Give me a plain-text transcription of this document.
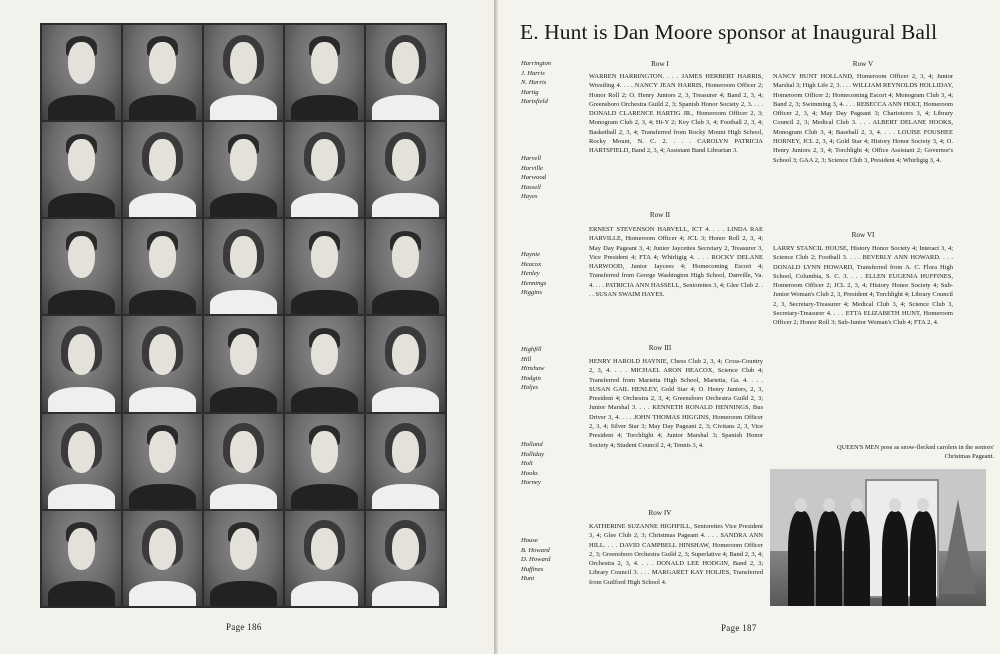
Page 186
E. Hunt is Dan Moore sponsor at Inaugural Ball
Harrington
J. Harris
N. Harris
Hartig
Hartsfield
Harvell
Harville
Harwood
Hassell
Hayes
Haynie
Heacox
Henley
Hennings
Higgins
Highfill
Hill
Hinshaw
Hodgin
Holjes
Holland
Holliday
Holt
Hooks
Horney
House
B. Howard
D. Howard
Huffines
Hunt
Row I

WARREN HARRINGTON. . . . JAMES HERBERT HARRIS, Wrestling 4. . . . NANCY JEAN HARRIS, Homeroom Officer 2; Honor Roll 2; O. Henry Juniors 2, 3, Treasurer 4; Band 2, 3, 4; Greensboro Orchestra Guild 2, 3; Spanish Honor Society 2, 3. . . . DONALD CLARENCE HARTIG JR., Homeroom Officer 2, 3; Monogram Club 2, 3, 4; Hi-Y 2; Key Club 3, 4; Football 2, 3, 4; Basketball 2, 3, 4; Transferred from Rocky Mount High School, Rocky Mount, N. C. 2. . . . CAROLYN PATRICIA HARTSFIELD, Band 2, 3, 4; Assistant Band Librarian 3.

Row II

ERNEST STEVENSON HARVELL, ICT 4. . . . LINDA RAE HARVILLE, Homeroom Officer 4; JCL 3; Honor Roll 2, 3, 4; May Day Pageant 3, 4; Junior Jaycettes Secretary 2, Treasurer 3, Vice President 4; FTA 4; Whirligig 4. . . . ROCKY DELANE HARWOOD, Junior Jaycees 4; Homecoming Escort 4; Transferred from George Washington High School, Danville, Va. 4. . . . PATRICIA ANN HASSELL, Seniorettes 3, 4; Glee Club 2. . . . SUSAN SWAIM HAYES.

Row III

HENRY HAROLD HAYNIE, Chess Club 2, 3, 4; Cross-Country 2, 3, 4. . . . MICHAEL ARON HEACOX, Science Club 4; Transferred from Marietta High School, Marietta, Ga. 4. . . . SUSAN GAIL HENLEY, Gold Star 4; O. Henry Juniors, 2, 3, President 4; Orchestra 2, 3, 4; Greensboro Orchestra Guild 2, 3; Junior Marshal 3. . . . KENNETH RONALD HENNINGS, Bus Driver 3, 4. . . . JOHN THOMAS HIGGINS, Homeroom Officer 2, 3, 4; Silver Star 3; May Day Pageant 2, 3; Civitans 2, 3, Vice President 4; Torchlight 4; Junior Marshal 3; Spanish Honor Society 4; Student Council 2, 4; Tennis 3, 4.

Row IV

KATHERINE SUZANNE HIGHFILL, Seniorettes Vice President 3, 4; Glee Club 2, 3; Christmas Pageant 4. . . . SANDRA ANN HILL. . . . DAVID CAMPBELL HINSHAW, Homeroom Officer 2, 3; Greensboro Orchestra Guild 2, 3; Superlative 4; Band 2, 3, 4; Orchestra 2, 3, 4. . . . DONALD LEE HODGIN, Band 2, 3; Library Council 3. . . . MARGARET KAY HOLJES, Transferred from Guilford High School 4.

Row V

NANCY HUNT HOLLAND, Homeroom Officer 2, 3, 4; Junior Marshal 3; High Life 2, 3. . . . WILLIAM REYNOLDS HOLLIDAY, Homeroom Officer 2; Homecoming Escort 4; Monogram Club 3, 4; Band 2, 3; Swimming 3, 4. . . . REBECCA ANN HOLT, Homeroom Officer 2, 3, 4; May Day Pageant 3; Chariotcers 3, 4; Library Council 2, 3; Medical Club 3. . . . ALBERT DELANE HOOKS, Monogram Club 3, 4; Baseball 2, 3, 4. . . . LOUISE FOUSHEE HORNEY, JCL 2, 3, 4; Gold Star 4; History Honor Society 3, 4; O. Henry Juniors 2, 3, 4; Torchlight 4; Office Assistant 2; Governor's School 3; GAA 2, 3; Science Club 3, President 4; Whirligig 3, 4.

Row VI

LARRY STANCIL HOUSE, History Honor Society 4; Interact 3, 4; Science Club 2; Football 3. . . . BEVERLY ANN HOWARD. . . . DONALD LYNN HOWARD, Transferred from A. C. Flora High School, Columbia, S. C. 3. . . . ELLEN EUGENIA HUFFINES, Homeroom Officer 2; JCL 2, 3, 4; History Honor Society 4; Sub-Junior Woman's Club 2, 3, President 4; Torchlight 4; Library Council 2, 3, Secretary-Treasurer 4; Medical Club 3, 4; Science Club 3, Secretary-Treasurer 4. . . . ETTA ELIZABETH HUNT, Homeroom Officer 2; Honor Roll 3; Sub-Junior Woman's Club 4; FTA 2, 4.

QUEEN'S MEN pose as snow-flecked carolers in the seniors' Christmas Pageant.

Page 187
